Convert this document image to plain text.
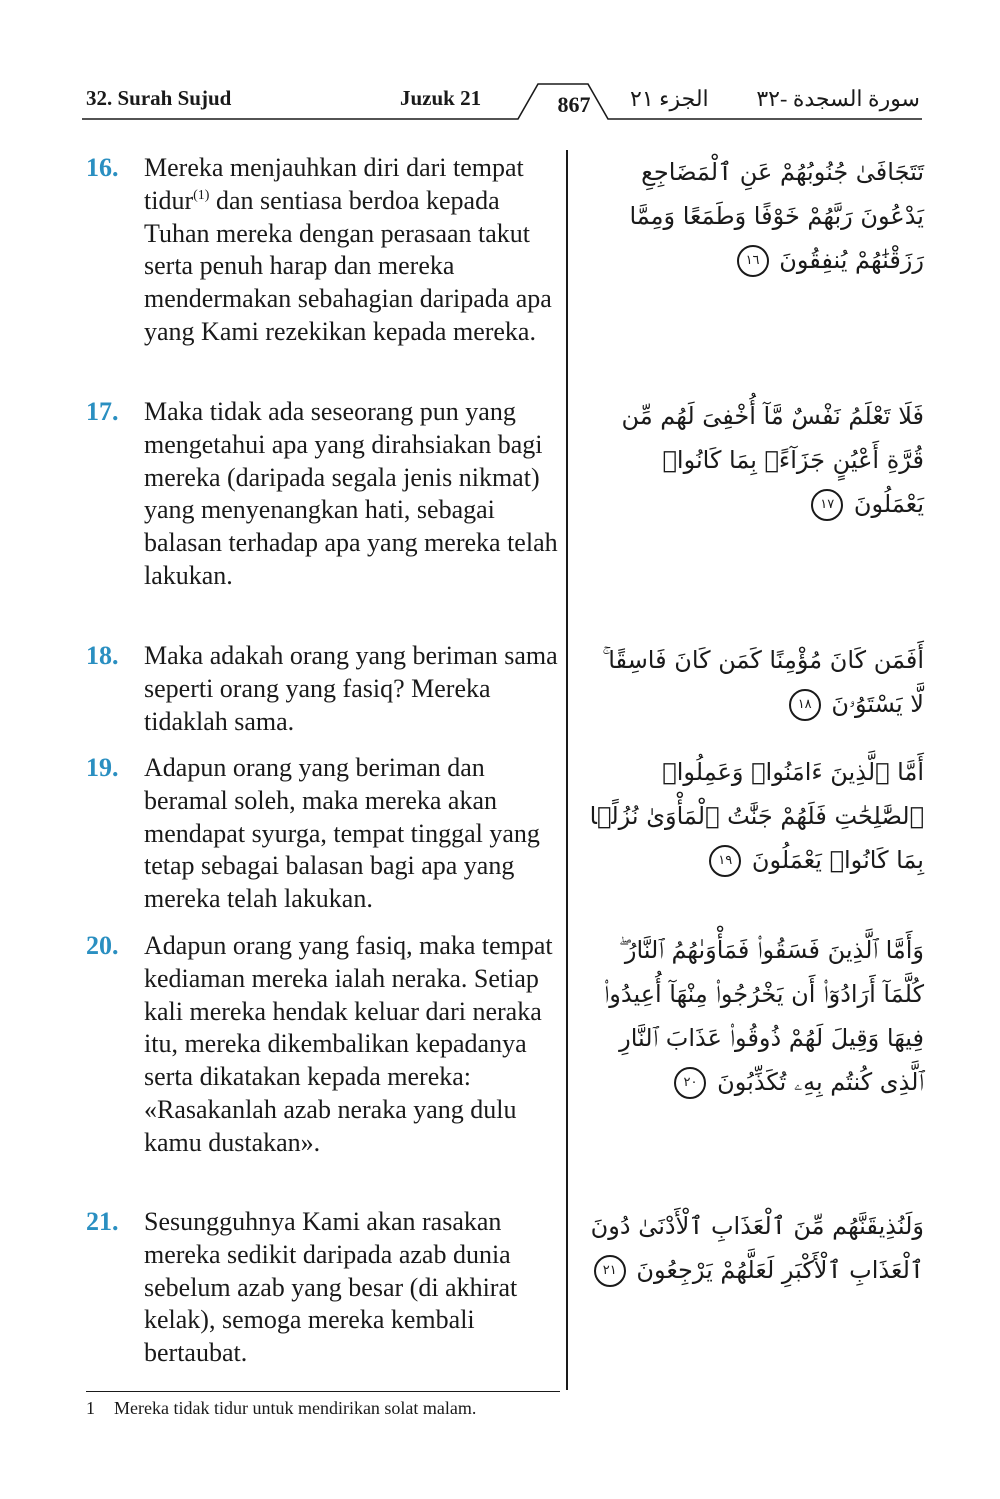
32. Surah Sujud	Juzuk 21	867	الجزء ٢١ سورة السجدة -٣٢
16. Mereka menjauhkan diri dari tempat tidur$^{(1)}$ dan sentiasa berdoa kepada Tuhan mereka dengan perasaan takut serta penuh harap dan mereka mendermakan sebahagian daripada apa yang Kami rezekikan kepada mereka.
تَتَجَافَىٰ جُنُوبُهُمْ عَنِ ٱلْمَضَاجِعِ يَدْعُونَ رَبَّهُمْ خَوْفًا وَطَمَعًا وَمِمَّا رَزَقْنَٰهُمْ يُنفِقُونَ ١٦
17. Maka tidak ada seseorang pun yang mengetahui apa yang dirahsiakan bagi mereka (daripada segala jenis nikmat) yang menyenangkan hati, sebagai balasan terhadap apa yang mereka telah lakukan.
فَلَا تَعْلَمُ نَفْسٌ مَّآ أُخْفِىَ لَهُم مِّن قُرَّةِ أَعْيُنٍ جَزَآءًۢ بِمَا كَانُوا۟ يَعْمَلُونَ ١٧
18. Maka adakah orang yang beriman sama seperti orang yang fasiq? Mereka tidaklah sama.
أَفَمَن كَانَ مُؤْمِنًا كَمَن كَانَ فَاسِقًا ۚ لَّا يَسْتَوُۥنَ ١٨
19. Adapun orang yang beriman dan beramal soleh, maka mereka akan mendapat syurga, tempat tinggal yang tetap sebagai balasan bagi apa yang mereka telah lakukan.
أَمَّا ٱلَّذِينَ ءَامَنُوا۟ وَعَمِلُوا۟ ٱلصَّٰلِحَٰتِ فَلَهُمْ جَنَّٰتُ ٱلْمَأْوَىٰ نُزُلًۢا بِمَا كَانُوا۟ يَعْمَلُونَ ١٩
20. Adapun orang yang fasiq, maka tempat kediaman mereka ialah neraka. Setiap kali mereka hendak keluar dari neraka itu, mereka dikembalikan kepadanya serta dikatakan kepada mereka: «Rasakanlah azab neraka yang dulu kamu dustakan».
وَأَمَّا ٱلَّذِينَ فَسَقُوا۟ فَمَأْوَىٰهُمُ ٱلنَّارُ ۖ كُلَّمَآ أَرَادُوٓا۟ أَن يَخْرُجُوا۟ مِنْهَآ أُعِيدُوا۟ فِيهَا وَقِيلَ لَهُمْ ذُوقُوا۟ عَذَابَ ٱلنَّارِ ٱلَّذِى كُنتُم بِهِۦ تُكَذِّبُونَ ٢٠
21. Sesungguhnya Kami akan rasakan mereka sedikit daripada azab dunia sebelum azab yang besar (di akhirat kelak), semoga mereka kembali bertaubat.
وَلَنُذِيقَنَّهُم مِّنَ ٱلْعَذَابِ ٱلْأَدْنَىٰ دُونَ ٱلْعَذَابِ ٱلْأَكْبَرِ لَعَلَّهُمْ يَرْجِعُونَ ٢١
1 Mereka tidak tidur untuk mendirikan solat malam.
